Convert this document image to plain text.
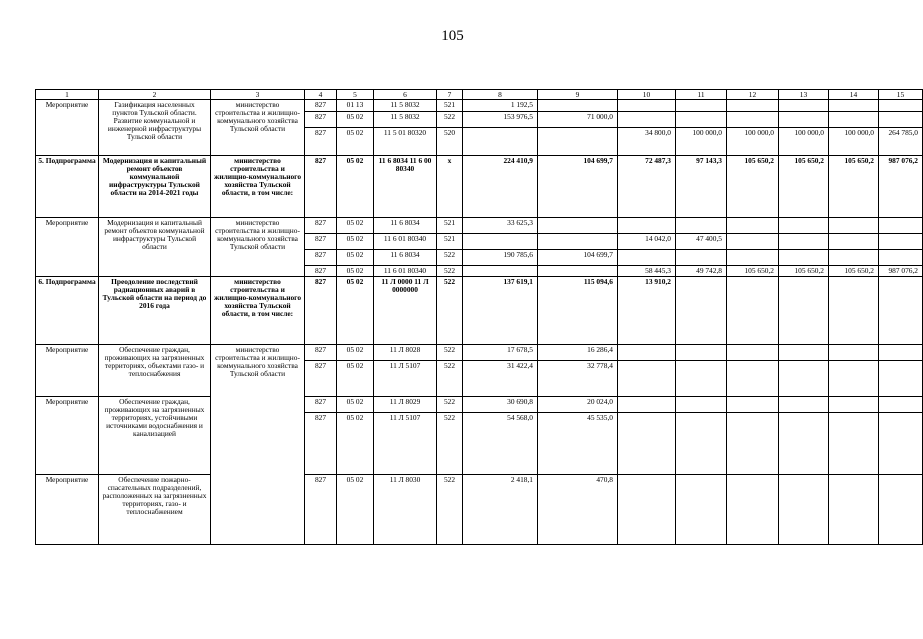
105
1	2	3	4	5	6	7	8	9	10	11	12	13	14	15
Мероприятие	Газификация населенных пунктов Тульской области. Развитие коммунальной и инженерной инфраструктуры Тульской области	министерство строительства и жилищно-коммунального хозяйства Тульской области	827	01 13	11 5 8032	521	1 192,5							
			827	05 02	11 5 8032	522	153 976,5	71 000,0						
			827	05 02	11 5 01 80320	520			34 800,0	100 000,0	100 000,0	100 000,0	100 000,0	264 785,0
5. Подпрограмма	Модернизация и капитальный ремонт объектов коммунальной инфраструктуры Тульской области на 2014-2021 годы	министерство строительства и жилищно-коммунального хозяйства Тульской области, в том числе:	827	05 02	11 6 8034 11 6 00 80340	х	224 410,9	104 699,7	72 487,3	97 143,3	105 650,2	105 650,2	105 650,2	987 076,2
Мероприятие	Модернизация и капитальный ремонт объектов коммунальной инфраструктуры Тульской области	министерство строительства и жилищно-коммунального хозяйства Тульской области	827	05 02	11 6 8034	521	33 625,3							
			827	05 02	11 6 01 80340	521			14 042,0	47 400,5				
			827	05 02	11 6 8034	522	190 785,6	104 699,7						
			827	05 02	11 6 01 80340	522			58 445,3	49 742,8	105 650,2	105 650,2	105 650,2	987 076,2
6. Подпрограмма	Преодоление последствий радиационных аварий в Тульской области на период до 2016 года	министерство строительства и жилищно-коммунального хозяйства Тульской области, в том числе:	827	05 02	11 Л 0000 11 Л 0000000	522	137 619,1	115 094,6	13 910,2					
Мероприятие	Обеспечение граждан, проживающих на загрязненных территориях, объектами газо- и теплоснабжения	министерство строительства и жилищно-коммунального хозяйства Тульской области	827	05 02	11 Л 8028	522	17 678,5	16 286,4						
			827	05 02	11 Л 5107	522	31 422,4	32 778,4						
Мероприятие	Обеспечение граждан, проживающих на загрязненных территориях, устойчивыми источниками водоснабжения и канализацией		827	05 02	11 Л 8029	522	30 690,8	20 024,0						
			827	05 02	11 Л 5107	522	54 568,0	45 535,0						
Мероприятие	Обеспечение пожарно-спасательных подразделений, расположенных на загрязненных территориях, газо- и теплоснабжением		827	05 02	11 Л 8030	522	2 418,1	470,8						
